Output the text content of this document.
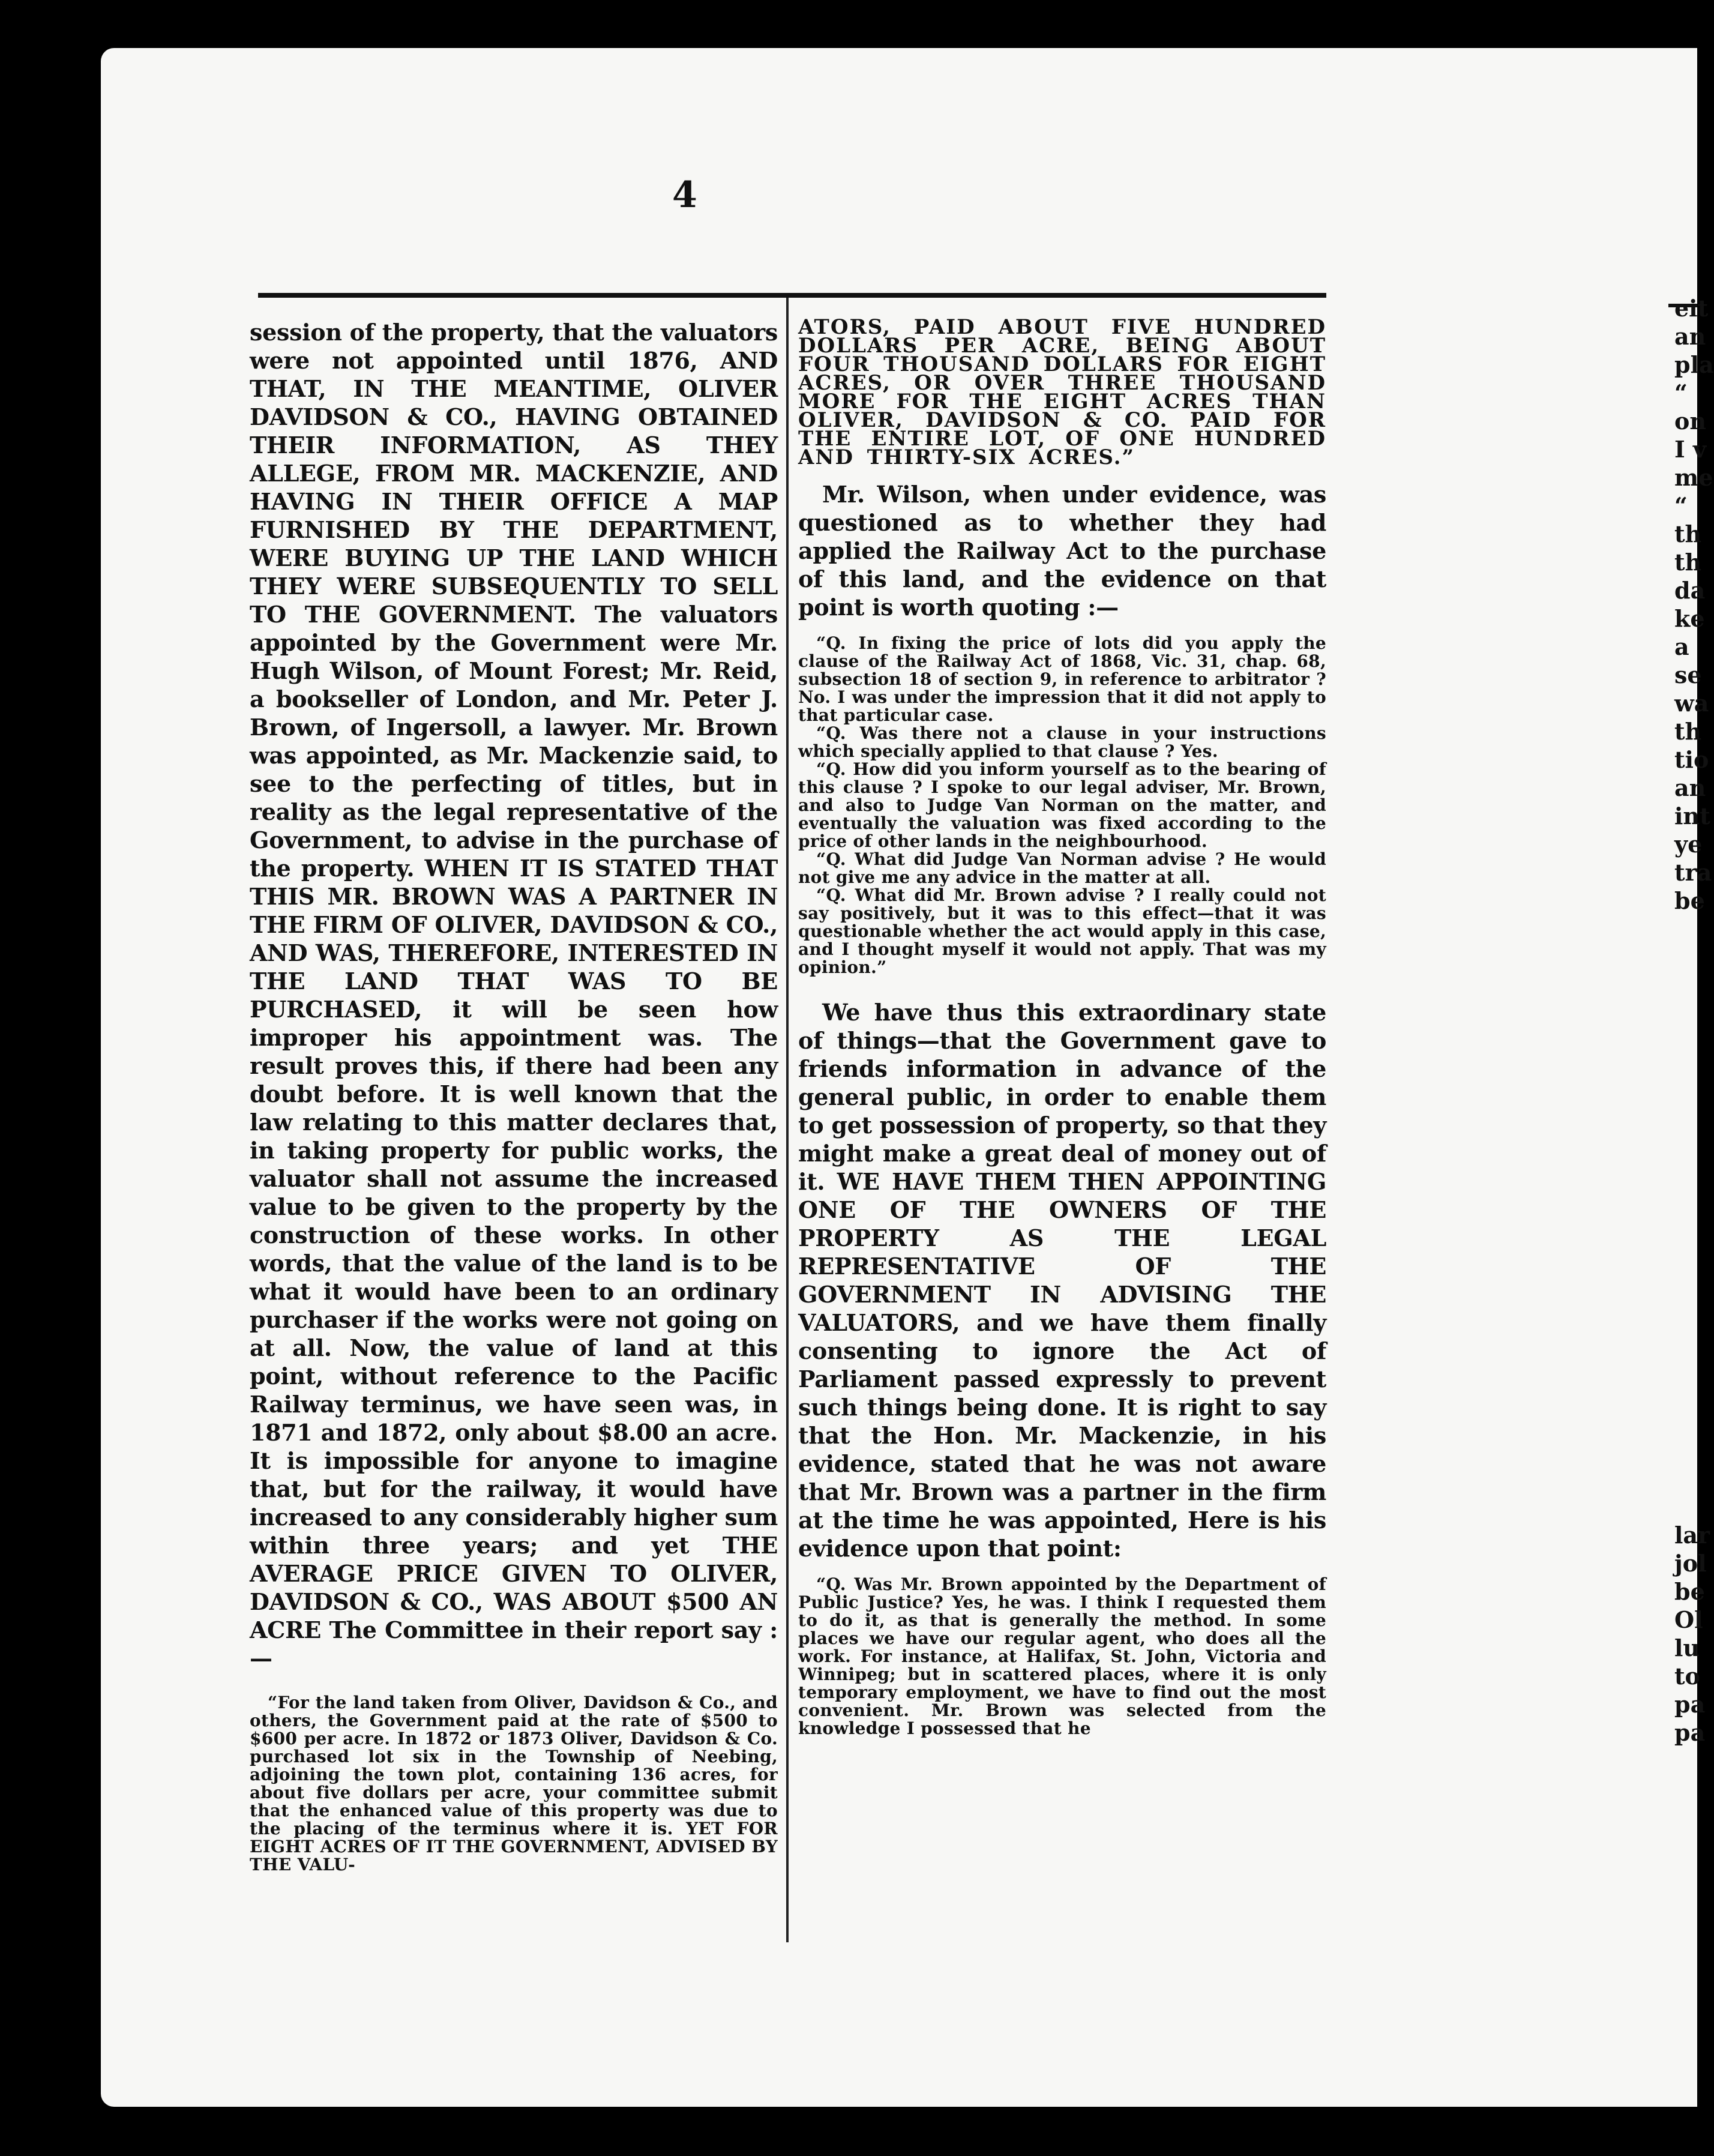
4

session of the property, that the valuators were not appointed until 1876, AND THAT, IN THE MEANTIME, OLIVER DAVIDSON & CO., HAVING OBTAINED THEIR INFORMATION, AS THEY ALLEGE, FROM MR. MACKENZIE, AND HAVING IN THEIR OFFICE A MAP FURNISHED BY THE DEPARTMENT, WERE BUYING UP THE LAND WHICH THEY WERE SUBSEQUENTLY TO SELL TO THE GOVERNMENT. The valuators appointed by the Government were Mr. Hugh Wilson, of Mount Forest; Mr. Reid, a bookseller of London, and Mr. Peter J. Brown, of Ingersoll, a lawyer. Mr. Brown was appointed, as Mr. Mackenzie said, to see to the perfecting of titles, but in reality as the legal representative of the Government, to advise in the purchase of the property. WHEN IT IS STATED THAT THIS MR. BROWN WAS A PARTNER IN THE FIRM OF OLIVER, DAVIDSON & CO., AND WAS, THEREFORE, INTERESTED IN THE LAND THAT WAS TO BE PURCHASED, it will be seen how improper his appointment was. The result proves this, if there had been any doubt before. It is well known that the law relating to this matter declares that, in taking property for public works, the valuator shall not assume the increased value to be given to the property by the construction of these works. In other words, that the value of the land is to be what it would have been to an ordinary purchaser if the works were not going on at all. Now, the value of land at this point, without reference to the Pacific Railway terminus, we have seen was, in 1871 and 1872, only about $8.00 an acre. It is impossible for anyone to imagine that, but for the railway, it would have increased to any considerably higher sum within three years; and yet THE AVERAGE PRICE GIVEN TO OLIVER, DAVIDSON & CO., WAS ABOUT $500 AN ACRE The Committee in their report say :—

“For the land taken from Oliver, Davidson & Co., and others, the Government paid at the rate of $500 to $600 per acre. In 1872 or 1873 Oliver, Davidson & Co. purchased lot six in the Township of Neebing, adjoining the town plot, containing 136 acres, for about five dollars per acre, your committee submit that the enhanced value of this property was due to the placing of the terminus where it is. YET FOR EIGHT ACRES OF IT THE GOVERNMENT, ADVISED BY THE VALU-

ATORS, PAID ABOUT FIVE HUNDRED DOLLARS PER ACRE, BEING ABOUT FOUR THOUSAND DOLLARS FOR EIGHT ACRES, OR OVER THREE THOUSAND MORE FOR THE EIGHT ACRES THAN OLIVER, DAVIDSON & CO. PAID FOR THE ENTIRE LOT, OF ONE HUNDRED AND THIRTY-SIX ACRES.”

Mr. Wilson, when under evidence, was questioned as to whether they had applied the Railway Act to the purchase of this land, and the evidence on that point is worth quoting :—

“Q. In fixing the price of lots did you apply the clause of the Railway Act of 1868, Vic. 31, chap. 68, subsection 18 of section 9, in reference to arbitrator ? No. I was under the impression that it did not apply to that particular case.

“Q. Was there not a clause in your instructions which specially applied to that clause ? Yes.

“Q. How did you inform yourself as to the bearing of this clause ? I spoke to our legal adviser, Mr. Brown, and also to Judge Van Norman on the matter, and eventually the valuation was fixed according to the price of other lands in the neighbourhood.

“Q. What did Judge Van Norman advise ? He would not give me any advice in the matter at all.

“Q. What did Mr. Brown advise ? I really could not say positively, but it was to this effect—that it was questionable whether the act would apply in this case, and I thought myself it would not apply. That was my opinion.”

We have thus this extraordinary state of things—that the Government gave to friends information in advance of the general public, in order to enable them to get possession of property, so that they might make a great deal of money out of it. WE HAVE THEM THEN APPOINTING ONE OF THE OWNERS OF THE PROPERTY AS THE LEGAL REPRESENTATIVE OF THE GOVERNMENT IN ADVISING THE VALUATORS, and we have them finally consenting to ignore the Act of Parliament passed expressly to prevent such things being done. It is right to say that the Hon. Mr. Mackenzie, in his evidence, stated that he was not aware that Mr. Brown was a partner in the firm at the time he was appointed, Here is his evidence upon that point:

“Q. Was Mr. Brown appointed by the Department of Public Justice? Yes, he was. I think I requested them to do it, as that is generally the method. In some places we have our regular agent, who does all the work. For instance, at Halifax, St. John, Victoria and Winnipeg; but in scattered places, where it is only temporary employment, we have to find out the most convenient. Mr. Brown was selected from the knowledge I possessed that he

eit
an
pla
“
on
I v
me
“
th
th
da
ke
a
se
wa
th
tio
an
int
ye
tra
be
lar
jol
be
Ol
lu
to
pa
pa
